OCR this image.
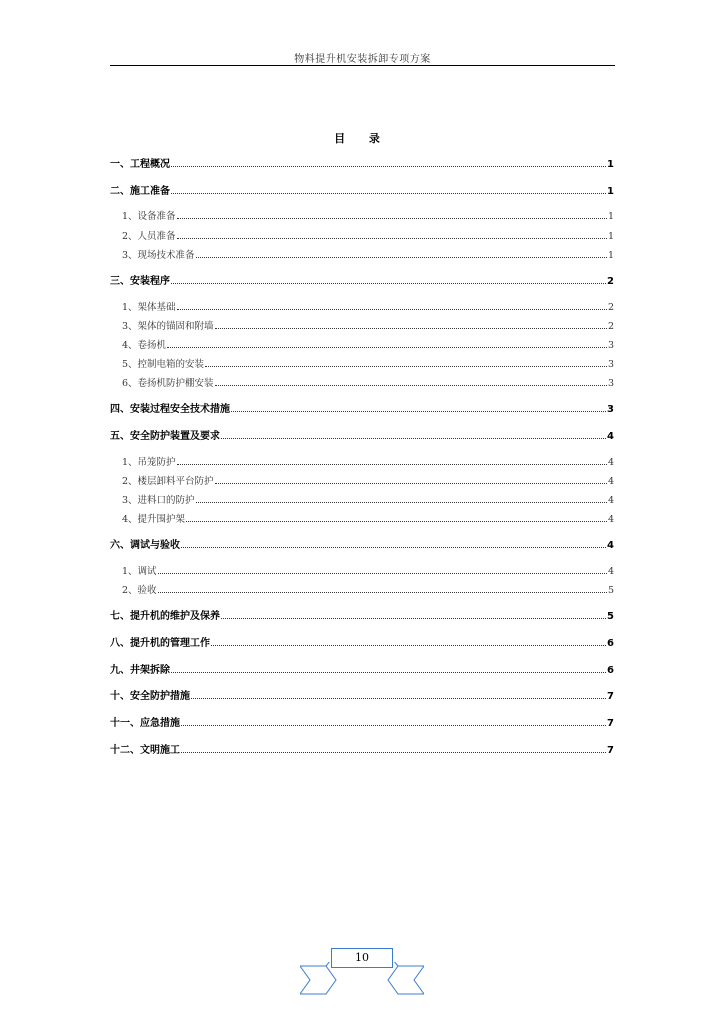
物料提升机安装拆卸专项方案
目 录
一、工程概况	1
二、施工准备	1
1、设备准备	1
2、人员准备	1
3、现场技术准备	1
三、安装程序	2
1、架体基础	2
3、架体的锚固和附墙	2
4、卷扬机	3
5、控制电箱的安装	3
6、卷扬机防护棚安装	3
四、安装过程安全技术措施	3
五、安全防护装置及要求	4
1、吊笼防护	4
2、楼层卸料平台防护	4
3、进料口的防护	4
4、提升围护架	4
六、调试与验收	4
1、调试	4
2、验收	5
七、提升机的维护及保养	5
八、提升机的管理工作	6
九、井架拆除	6
十、安全防护措施	7
十一、应急措施	7
十二、文明施工	7
10
